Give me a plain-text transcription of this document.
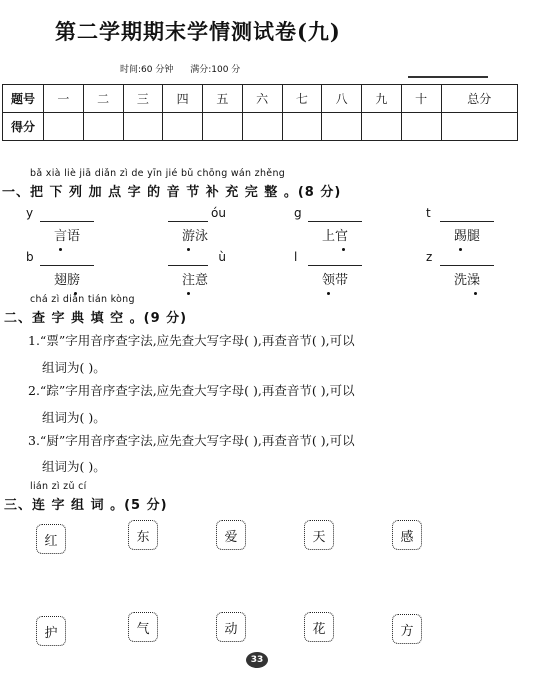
第二学期期末学情测试卷(九)
时间:60 分钟 满分:100 分
题号	一	二	三	四	五	六	七	八	九	十	总分
得分											
bǎ xià liè jiā diǎn zì de yīn jié bǔ chōng wán zhěng
一、把 下 列 加 点 字 的 音 节 补 充 完 整 。(8 分)
y
言语
óu
游泳
g
上官
t
踢腿
b
翅膀
ù
注意
l
领带
z
洗澡
chá zì diǎn tián kòng
二、查 字 典 填 空 。(9 分)
1.“票”字用音序查字法,应先查大写字母( ),再查音节( ),可以
组词为( )。
2.“踪”字用音序查字法,应先查大写字母( ),再查音节( ),可以
组词为( )。
3.“厨”字用音序查字法,应先查大写字母( ),再查音节( ),可以
组词为( )。
lián zì zǔ cí
三、连 字 组 词 。(5 分)
红	东	爱	天	感
护	气	动	花	方
33
